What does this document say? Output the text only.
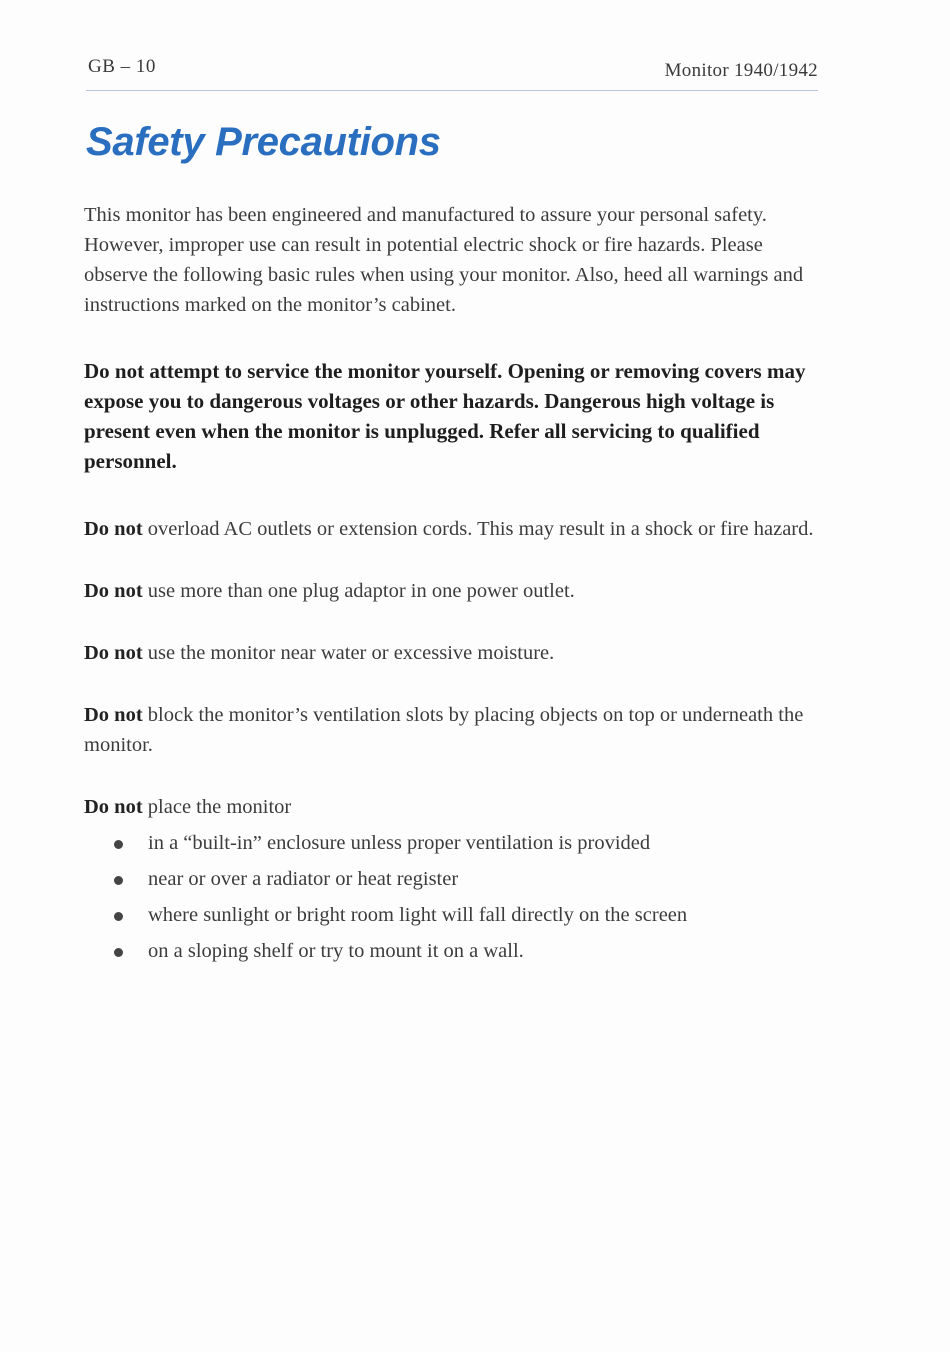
GB – 10	Monitor 1940/1942
Safety Precautions

This monitor has been engineered and manufactured to assure your personal safety. However, improper use can result in potential electric shock or fire hazards. Please observe the following basic rules when using your monitor. Also, heed all warnings and instructions marked on the monitor’s cabinet.

Do not attempt to service the monitor yourself. Opening or removing covers may expose you to dangerous voltages or other hazards. Dangerous high voltage is present even when the monitor is unplugged. Refer all servicing to qualified personnel.

Do not overload AC outlets or extension cords. This may result in a shock or fire hazard.

Do not use more than one plug adaptor in one power outlet.

Do not use the monitor near water or excessive moisture.

Do not block the monitor’s ventilation slots by placing objects on top or underneath the monitor.

Do not place the monitor

in a “built-in” enclosure unless proper ventilation is provided
near or over a radiator or heat register
where sunlight or bright room light will fall directly on the screen
on a sloping shelf or try to mount it on a wall.
